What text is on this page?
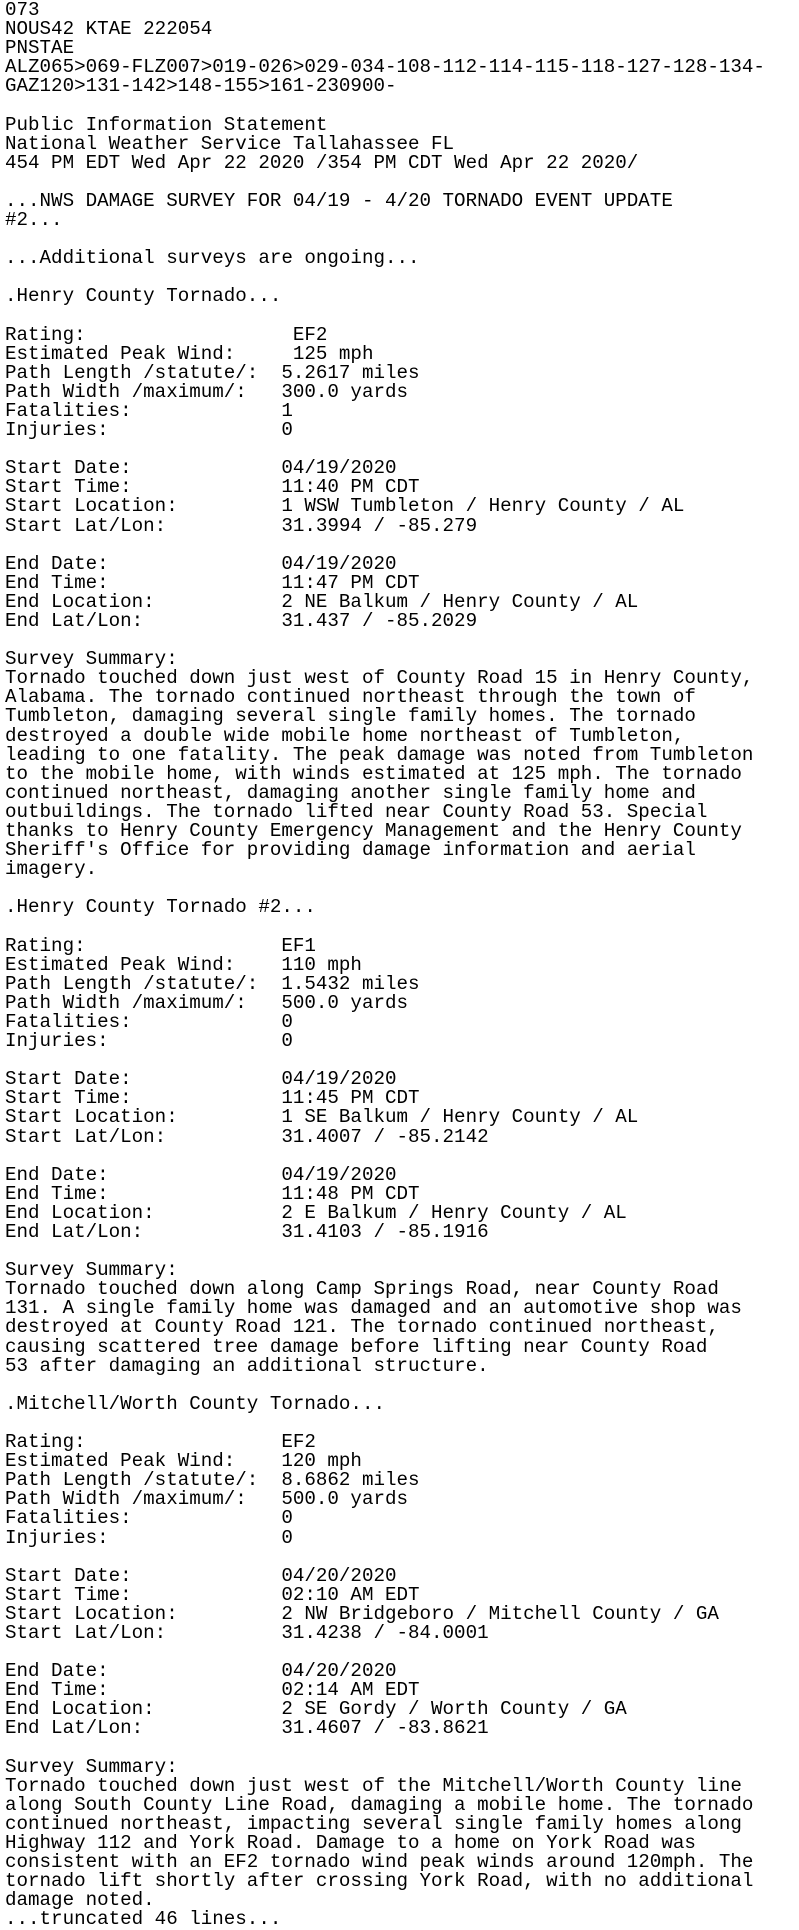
073
NOUS42 KTAE 222054
PNSTAE
ALZ065>069-FLZ007>019-026>029-034-108-112-114-115-118-127-128-134-
GAZ120>131-142>148-155>161-230900-
Public Information Statement
National Weather Service Tallahassee FL
454 PM EDT Wed Apr 22 2020 /354 PM CDT Wed Apr 22 2020/
...NWS DAMAGE SURVEY FOR 04/19 - 4/20 TORNADO EVENT UPDATE
#2...
...Additional surveys are ongoing...
.Henry County Tornado...
Rating:                  EF2
Estimated Peak Wind:     125 mph
Path Length /statute/:  5.2617 miles
Path Width /maximum/:   300.0 yards
Fatalities:             1
Injuries:               0
Start Date:             04/19/2020
Start Time:             11:40 PM CDT
Start Location:         1 WSW Tumbleton / Henry County / AL
Start Lat/Lon:          31.3994 / -85.279
End Date:               04/19/2020
End Time:               11:47 PM CDT
End Location:           2 NE Balkum / Henry County / AL
End Lat/Lon:            31.437 / -85.2029
Survey Summary:
Tornado touched down just west of County Road 15 in Henry County,
Alabama. The tornado continued northeast through the town of
Tumbleton, damaging several single family homes. The tornado
destroyed a double wide mobile home northeast of Tumbleton,
leading to one fatality. The peak damage was noted from Tumbleton
to the mobile home, with winds estimated at 125 mph. The tornado
continued northeast, damaging another single family home and
outbuildings. The tornado lifted near County Road 53. Special
thanks to Henry County Emergency Management and the Henry County
Sheriff's Office for providing damage information and aerial
imagery.
.Henry County Tornado #2...
Rating:                 EF1
Estimated Peak Wind:    110 mph
Path Length /statute/:  1.5432 miles
Path Width /maximum/:   500.0 yards
Fatalities:             0
Injuries:               0
Start Date:             04/19/2020
Start Time:             11:45 PM CDT
Start Location:         1 SE Balkum / Henry County / AL
Start Lat/Lon:          31.4007 / -85.2142
End Date:               04/19/2020
End Time:               11:48 PM CDT
End Location:           2 E Balkum / Henry County / AL
End Lat/Lon:            31.4103 / -85.1916
Survey Summary:
Tornado touched down along Camp Springs Road, near County Road
131. A single family home was damaged and an automotive shop was
destroyed at County Road 121. The tornado continued northeast,
causing scattered tree damage before lifting near County Road
53 after damaging an additional structure.
.Mitchell/Worth County Tornado...
Rating:                 EF2
Estimated Peak Wind:    120 mph
Path Length /statute/:  8.6862 miles
Path Width /maximum/:   500.0 yards
Fatalities:             0
Injuries:               0
Start Date:             04/20/2020
Start Time:             02:10 AM EDT
Start Location:         2 NW Bridgeboro / Mitchell County / GA
Start Lat/Lon:          31.4238 / -84.0001
End Date:               04/20/2020
End Time:               02:14 AM EDT
End Location:           2 SE Gordy / Worth County / GA
End Lat/Lon:            31.4607 / -83.8621
Survey Summary:
Tornado touched down just west of the Mitchell/Worth County line
along South County Line Road, damaging a mobile home. The tornado
continued northeast, impacting several single family homes along
Highway 112 and York Road. Damage to a home on York Road was
consistent with an EF2 tornado wind peak winds around 120mph. The
tornado lift shortly after crossing York Road, with no additional
damage noted.
...truncated 46 lines...
